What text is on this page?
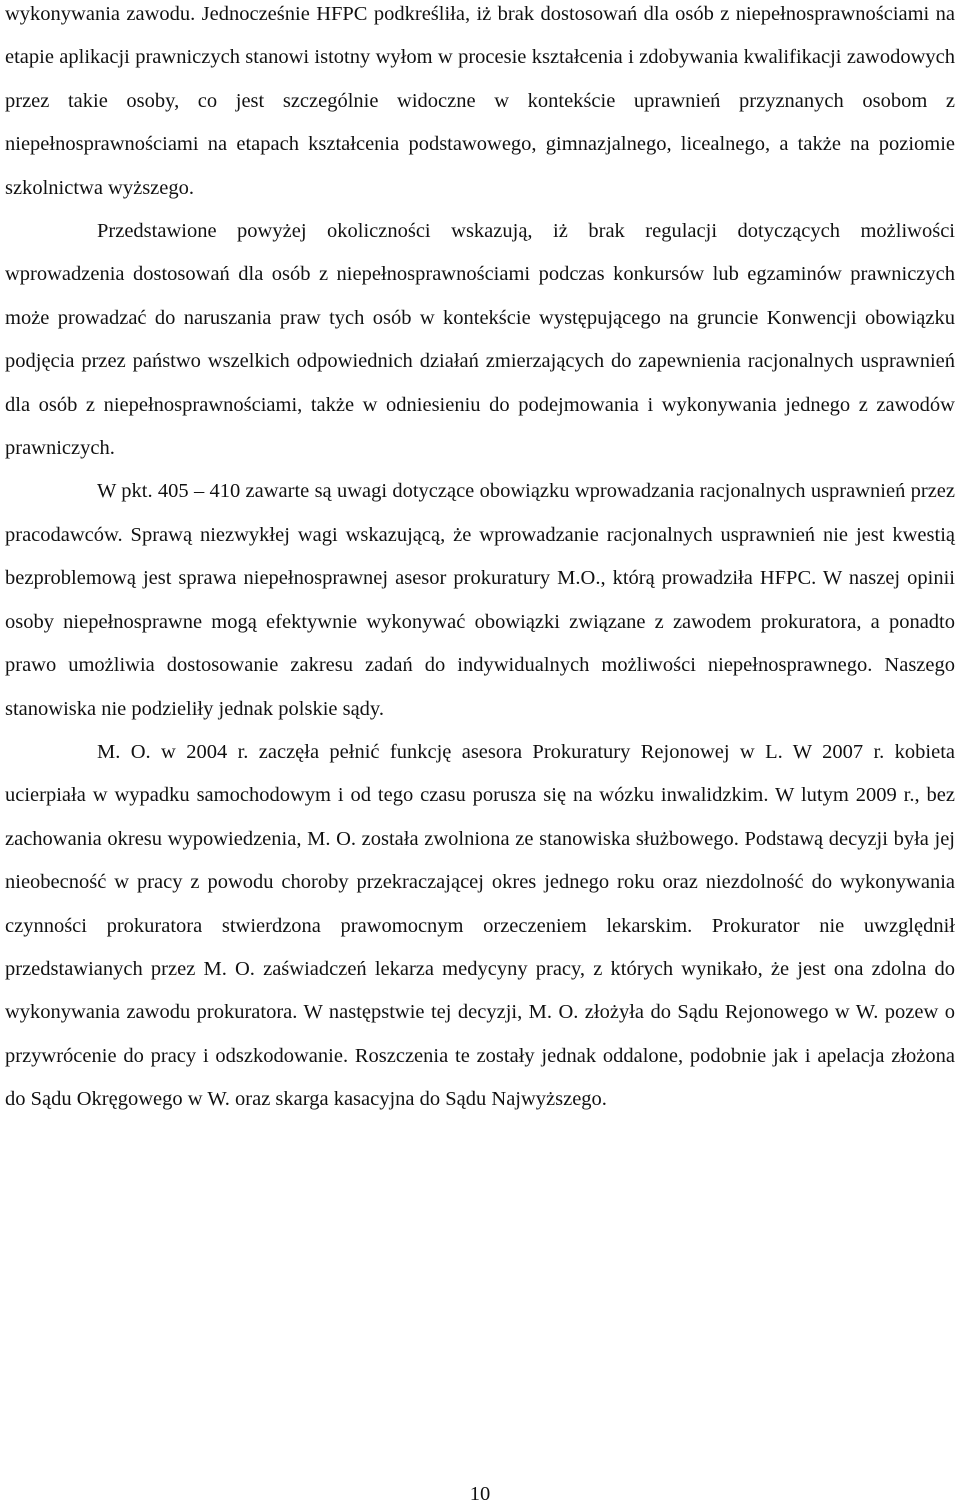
wykonywania zawodu. Jednocześnie HFPC podkreśliła, iż brak dostosowań dla osób z niepełnosprawnościami na etapie aplikacji prawniczych stanowi istotny wyłom w procesie kształcenia i zdobywania kwalifikacji zawodowych przez takie osoby, co jest szczególnie widoczne w kontekście uprawnień przyznanych osobom z niepełnosprawnościami na etapach kształcenia podstawowego, gimnazjalnego, licealnego, a także na poziomie szkolnictwa wyższego.

Przedstawione powyżej okoliczności wskazują, iż brak regulacji dotyczących możliwości wprowadzenia dostosowań dla osób z niepełnosprawnościami podczas konkursów lub egzaminów prawniczych może prowadzać do naruszania praw tych osób w kontekście występującego na gruncie Konwencji obowiązku podjęcia przez państwo wszelkich odpowiednich działań zmierzających do zapewnienia racjonalnych usprawnień dla osób z niepełnosprawnościami, także w odniesieniu do podejmowania i wykonywania jednego z zawodów prawniczych.

W pkt. 405 – 410 zawarte są uwagi dotyczące obowiązku wprowadzania racjonalnych usprawnień przez pracodawców. Sprawą niezwykłej wagi wskazującą, że wprowadzanie racjonalnych usprawnień nie jest kwestią bezproblemową jest sprawa niepełnosprawnej asesor prokuratury M.O., którą prowadziła HFPC. W naszej opinii osoby niepełnosprawne mogą efektywnie wykonywać obowiązki związane z zawodem prokuratora, a ponadto prawo umożliwia dostosowanie zakresu zadań do indywidualnych możliwości niepełnosprawnego. Naszego stanowiska nie podzieliły jednak polskie sądy.

M. O. w 2004 r. zaczęła pełnić funkcję asesora Prokuratury Rejonowej w L. W 2007 r. kobieta ucierpiała w wypadku samochodowym i od tego czasu porusza się na wózku inwalidzkim. W lutym 2009 r., bez zachowania okresu wypowiedzenia, M. O. została zwolniona ze stanowiska służbowego. Podstawą decyzji była jej nieobecność w pracy z powodu choroby przekraczającej okres jednego roku oraz niezdolność do wykonywania czynności prokuratora stwierdzona prawomocnym orzeczeniem lekarskim. Prokurator nie uwzględnił przedstawianych przez M. O. zaświadczeń lekarza medycyny pracy, z których wynikało, że jest ona zdolna do wykonywania zawodu prokuratora. W następstwie tej decyzji, M. O. złożyła do Sądu Rejonowego w W. pozew o przywrócenie do pracy i odszkodowanie. Roszczenia te zostały jednak oddalone, podobnie jak i apelacja złożona do Sądu Okręgowego w W. oraz skarga kasacyjna do Sądu Najwyższego.

10
